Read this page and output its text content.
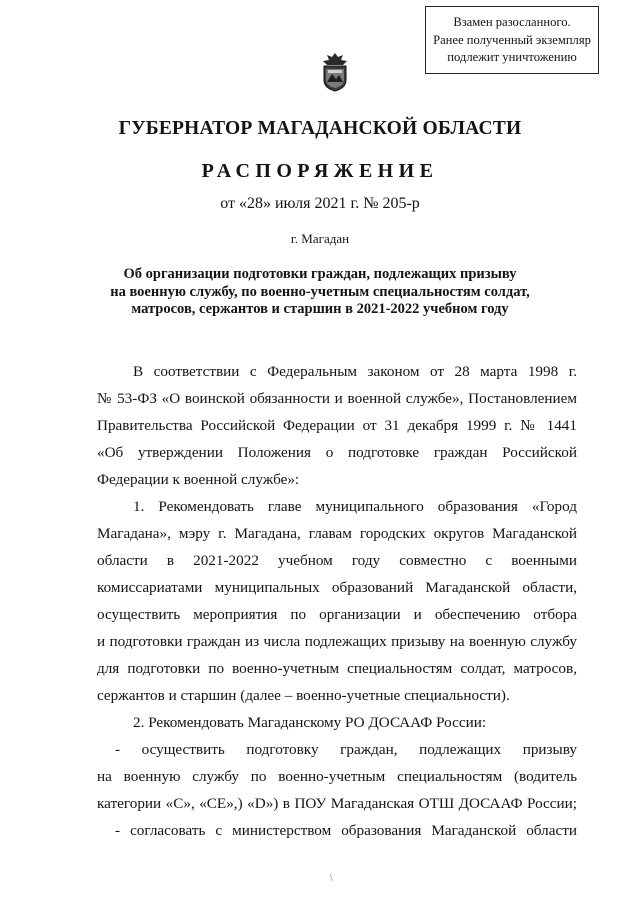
Взамен разосланного.
Ранее полученный экземпляр
подлежит уничтожению
ГУБЕРНАТОР МАГАДАНСКОЙ ОБЛАСТИ
РАСПОРЯЖЕНИЕ
от «28» июля 2021 г. № 205-р
г. Магадан
Об организации подготовки граждан, подлежащих призыву
на военную службу, по военно-учетным специальностям солдат,
матросов, сержантов и старшин в 2021-2022 учебном году
В соответствии с Федеральным законом от 28 марта 1998 г.
№ 53-ФЗ «О воинской обязанности и военной службе», Постановлением
Правительства Российской Федерации от 31 декабря 1999 г. № 1441
«Об утверждении Положения о подготовке граждан Российской
Федерации к военной службе»:
1. Рекомендовать главе муниципального образования «Город
Магадана», мэру г. Магадана, главам городских округов Магаданской
области в 2021-2022 учебном году совместно с военными
комиссариатами муниципальных образований Магаданской области,
осуществить мероприятия по организации и обеспечению отбора
и подготовки граждан из числа подлежащих призыву на военную службу
для подготовки по военно-учетным специальностям солдат, матросов,
сержантов и старшин (далее – военно-учетные специальности).
2. Рекомендовать Магаданскому РО ДОСААФ России:
- осуществить подготовку граждан, подлежащих призыву
на военную службу по военно-учетным специальностям (водитель
категории «С», «СЕ»,) «D») в ПОУ Магаданская ОТШ ДОСААФ России;
- согласовать с министерством образования Магаданской области
\
